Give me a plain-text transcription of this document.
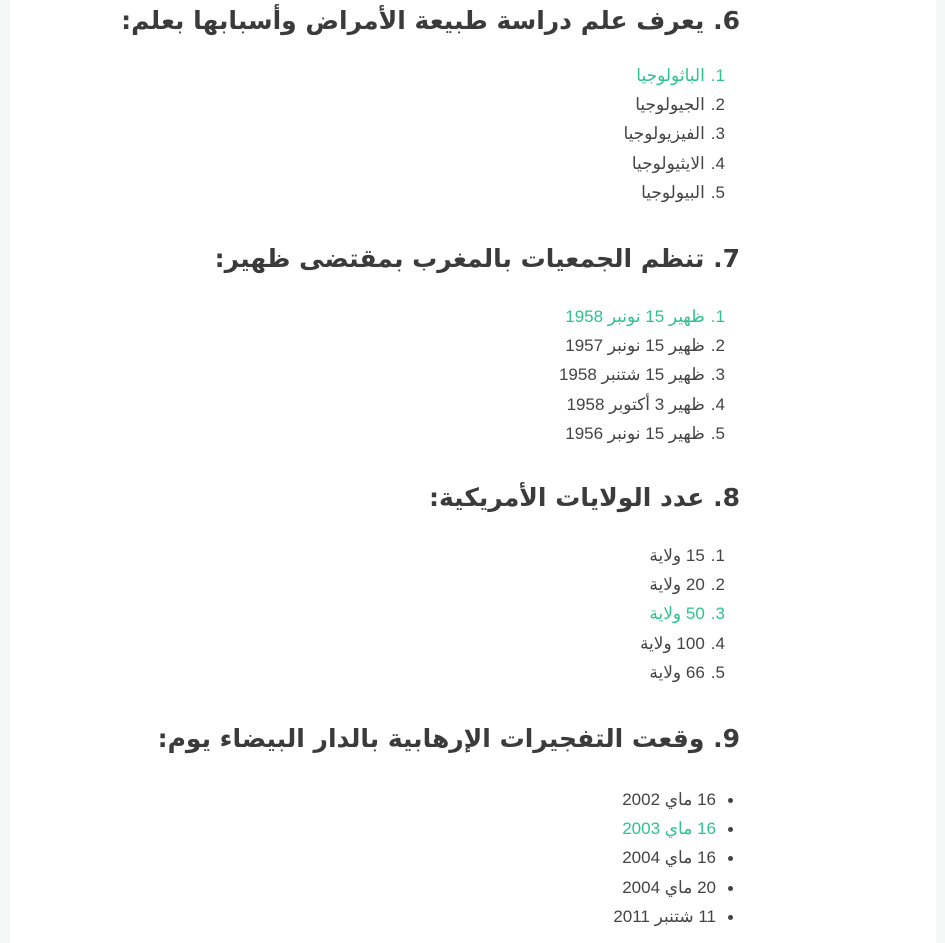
6. يعرف علم دراسة طبيعة الأمراض وأسبابها بعلم:
1.الباثولوجيا
2.الجيولوجيا
3.الفيزيولوجيا
4.الايثيولوجيا
5.البيولوجيا
7. تنظم الجمعيات بالمغرب بمقتضى ظهير:
1.ظهير 15 نونبر 1958
2.ظهير 15 نونبر 1957
3.ظهير 15 شتنبر 1958
4.ظهير 3 أكتوبر 1958
5.ظهير 15 نونبر 1956
8. عدد الولايات الأمريكية:
1.15 ولاية
2.20 ولاية
3.50 ولاية
4.100 ولاية
5.66 ولاية
9. وقعت التفجيرات الإرهابية بالدار البيضاء يوم:
16 ماي 2002
16 ماي 2003
16 ماي 2004
20 ماي 2004
11 شتنبر 2011
